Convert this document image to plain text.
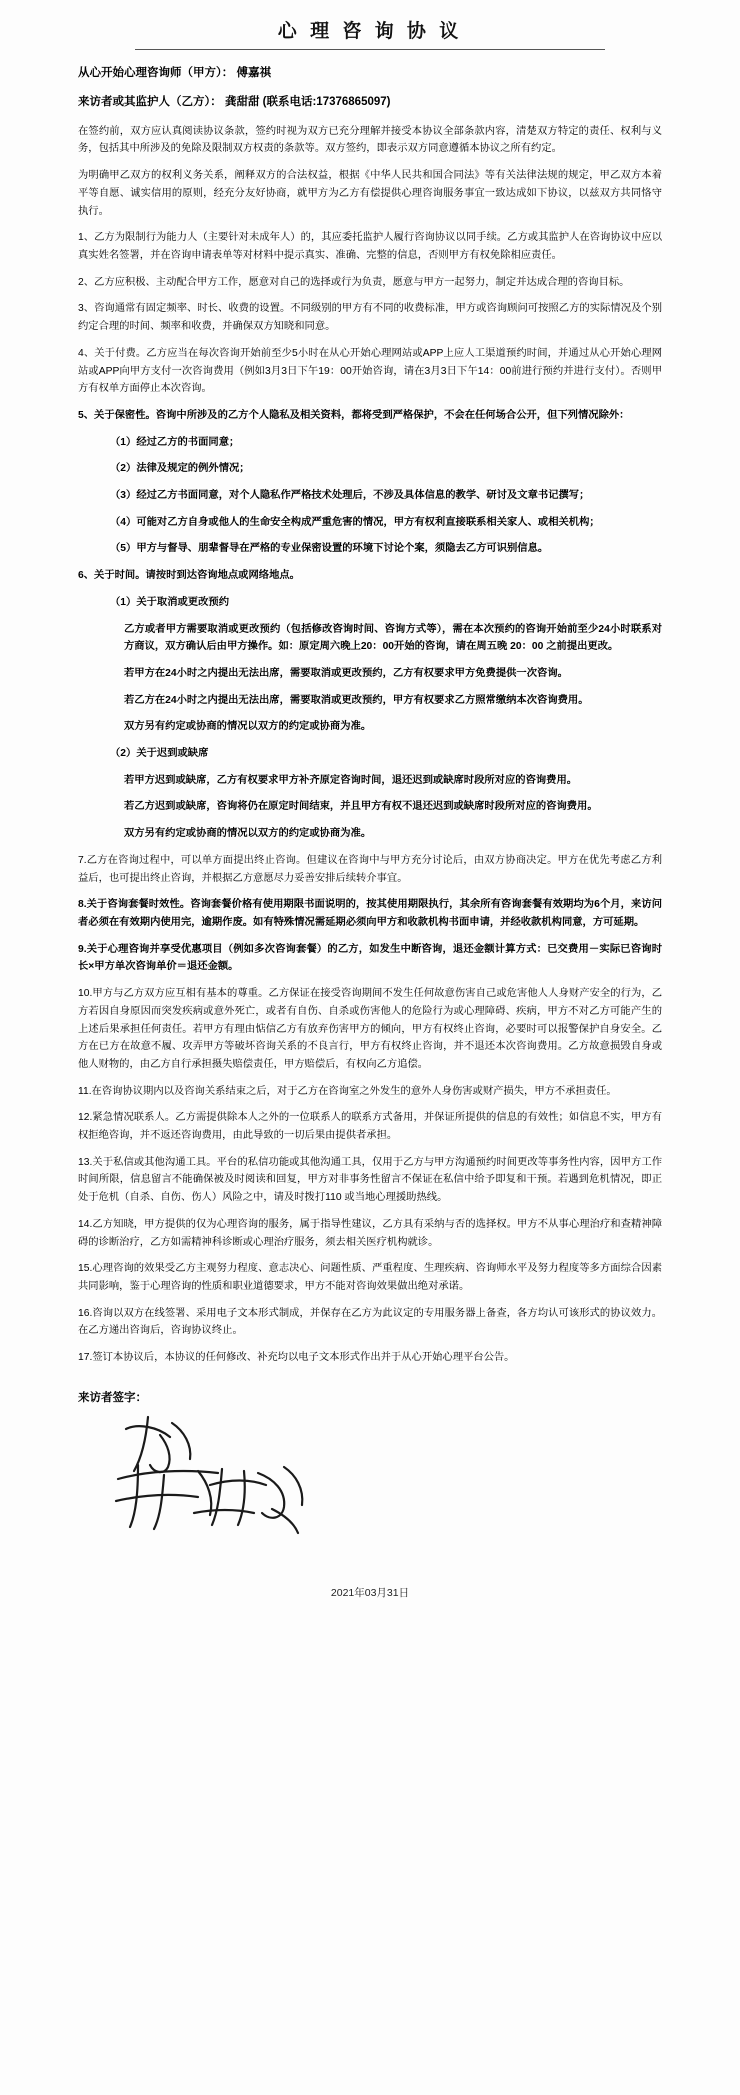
心 理 咨 询 协 议
从心开始心理咨询师（甲方）： 傅嘉祺
来访者或其监护人（乙方）： 龚甜甜 (联系电话:17376865097)

在签约前，双方应认真阅读协议条款，签约时视为双方已充分理解并接受本协议全部条款内容，清楚双方特定的责任、权利与义务，包括其中所涉及的免除及限制双方权责的条款等。双方签约，即表示双方同意遵循本协议之所有约定。

为明确甲乙双方的权利义务关系，阐释双方的合法权益，根据《中华人民共和国合同法》等有关法律法规的规定，甲乙双方本着平等自愿、诚实信用的原则，经充分友好协商，就甲方为乙方有偿提供心理咨询服务事宜一致达成如下协议，以兹双方共同恪守执行。

1、乙方为限制行为能力人（主要针对未成年人）的，其应委托监护人履行咨询协议以同手续。乙方或其监护人在咨询协议中应以真实姓名签署，并在咨询申请表单等对材料中提示真实、准确、完整的信息，否则甲方有权免除相应责任。

2、乙方应积极、主动配合甲方工作，愿意对自己的选择或行为负责，愿意与甲方一起努力，制定并达成合理的咨询目标。

3、咨询通常有固定频率、时长、收费的设置。不同级别的甲方有不同的收费标准，甲方或咨询顾问可按照乙方的实际情况及个别约定合理的时间、频率和收费，并确保双方知晓和同意。

4、关于付费。乙方应当在每次咨询开始前至少5小时在从心开始心理网站或APP上应人工渠道预约时间，并通过从心开始心理网站或APP向甲方支付一次咨询费用（例如3月3日下午19：00开始咨询，请在3月3日下午14：00前进行预约并进行支付）。否则甲方有权单方面停止本次咨询。

5、关于保密性。咨询中所涉及的乙方个人隐私及相关资料，都将受到严格保护，不会在任何场合公开，但下列情况除外：

（1）经过乙方的书面同意；

（2）法律及规定的例外情况；

（3）经过乙方书面同意，对个人隐私作严格技术处理后，不涉及具体信息的教学、研讨及文章书记撰写；

（4）可能对乙方自身或他人的生命安全构成严重危害的情况，甲方有权利直接联系相关家人、或相关机构；

（5）甲方与督导、朋辈督导在严格的专业保密设置的环境下讨论个案，须隐去乙方可识别信息。

6、关于时间。请按时到达咨询地点或网络地点。

（1）关于取消或更改预约

乙方或者甲方需要取消或更改预约（包括修改咨询时间、咨询方式等），需在本次预约的咨询开始前至少24小时联系对方商议，双方确认后由甲方操作。如：原定周六晚上20：00开始的咨询，请在周五晚 20：00 之前提出更改。

若甲方在24小时之内提出无法出席，需要取消或更改预约，乙方有权要求甲方免费提供一次咨询。

若乙方在24小时之内提出无法出席，需要取消或更改预约，甲方有权要求乙方照常缴纳本次咨询费用。

双方另有约定或协商的情况以双方的约定或协商为准。

（2）关于迟到或缺席

若甲方迟到或缺席，乙方有权要求甲方补齐原定咨询时间，退还迟到或缺席时段所对应的咨询费用。

若乙方迟到或缺席，咨询将仍在原定时间结束，并且甲方有权不退还迟到或缺席时段所对应的咨询费用。

双方另有约定或协商的情况以双方的约定或协商为准。

7.乙方在咨询过程中，可以单方面提出终止咨询。但建议在咨询中与甲方充分讨论后，由双方协商决定。甲方在优先考虑乙方利益后，也可提出终止咨询，并根据乙方意愿尽力妥善安排后续转介事宜。

8.关于咨询套餐时效性。咨询套餐价格有使用期限书面说明的，按其使用期限执行，其余所有咨询套餐有效期均为6个月，来访问者必须在有效期内使用完，逾期作废。如有特殊情况需延期必须向甲方和收款机构书面申请，并经收款机构同意，方可延期。

9.关于心理咨询并享受优惠项目（例如多次咨询套餐）的乙方，如发生中断咨询，退还金额计算方式：已交费用－实际已咨询时长×甲方单次咨询单价＝退还金额。

10.甲方与乙方双方应互相有基本的尊重。乙方保证在接受咨询期间不发生任何故意伤害自己或危害他人人身财产安全的行为，乙方若因自身原因而突发疾病或意外死亡，或者有自伤、自杀或伤害他人的危险行为或心理障碍、疾病，甲方不对乙方可能产生的上述后果承担任何责任。若甲方有理由惦信乙方有放弃伤害甲方的倾向，甲方有权终止咨询，必要时可以报警保护自身安全。乙方在已方在故意不履、攻弄甲方等破坏咨询关系的不良言行，甲方有权终止咨询，并不退还本次咨询费用。乙方故意损毁自身或他人财物的，由乙方自行承担摄失赔偿责任，甲方赔偿后，有权向乙方追偿。

11.在咨询协议期内以及咨询关系结束之后，对于乙方在咨询室之外发生的意外人身伤害或财产损失，甲方不承担责任。

12.紧急情况联系人。乙方需提供除本人之外的一位联系人的联系方式备用，并保证所提供的信息的有效性；如信息不实，甲方有权拒绝咨询，并不返还咨询费用，由此导致的一切后果由提供者承担。

13.关于私信或其他沟通工具。平台的私信功能或其他沟通工具，仅用于乙方与甲方沟通预约时间更改等事务性内容，因甲方工作时间所限，信息留言不能确保被及时阅读和回复，甲方对非事务性留言不保证在私信中给予即复和干预。若遇到危机情况，即正处于危机（自杀、自伤、伤人）风险之中，请及时拨打110 或当地心理援助热线。

14.乙方知晓，甲方提供的仅为心理咨询的服务，属于指导性建议，乙方具有采纳与否的选择权。甲方不从事心理治疗和查精神障碍的诊断治疗，乙方如需精神科诊断或心理治疗服务，须去相关医疗机构就诊。

15.心理咨询的效果受乙方主观努力程度、意志决心、问题性质、严重程度、生理疾病、咨询师水平及努力程度等多方面综合因素共同影响，鉴于心理咨询的性质和职业道德要求，甲方不能对咨询效果做出绝对承诺。

16.咨询以双方在线签署、采用电子文本形式制成，并保存在乙方为此议定的专用服务器上备查，各方均认可该形式的协议效力。在乙方递出咨询后，咨询协议终止。

17.签订本协议后，本协议的任何修改、补充均以电子文本形式作出并于从心开始心理平台公告。

来访者签字：
2021年03月31日
